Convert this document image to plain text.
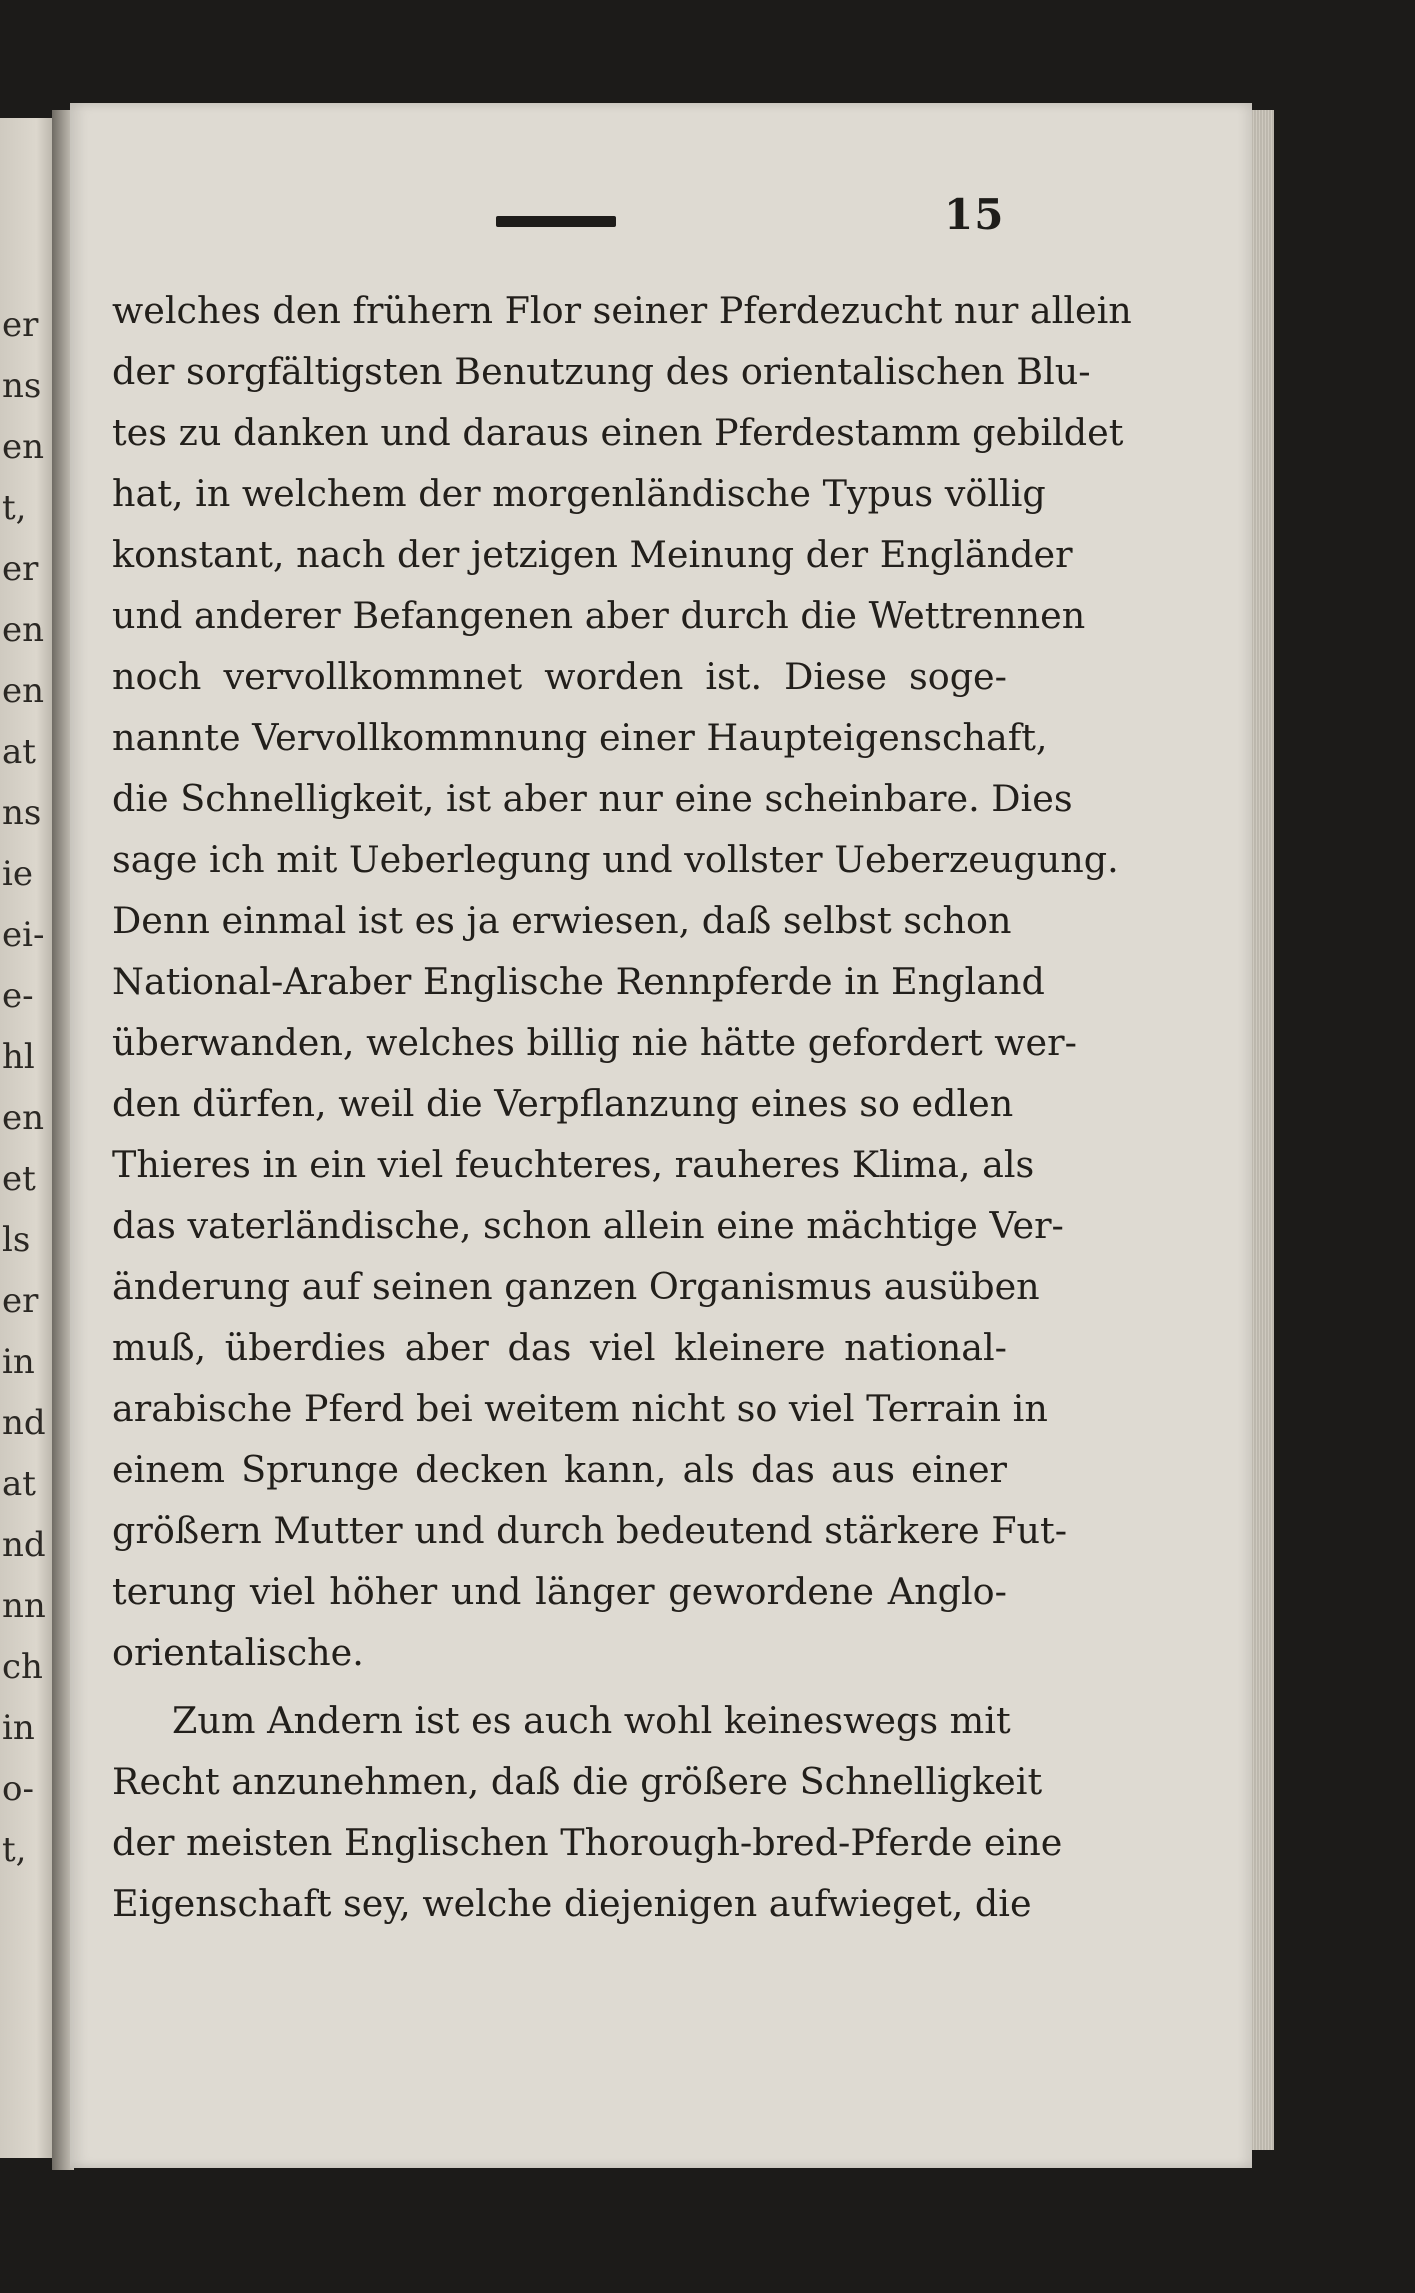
er
ns
en
t,
er
en
en
at
ns
ie
ei-
e-
hl
en
et
ls
er
in
nd
at
nd
nn
ch
in
o-
t,
15
welches den frühern Flor seiner Pferdezucht nur allein
der sorgfältigsten Benutzung des orientalischen Blu-
tes zu danken und daraus einen Pferdestamm gebildet
hat, in welchem der morgenländische Typus völlig
konstant, nach der jetzigen Meinung der Engländer
und anderer Befangenen aber durch die Wettrennen
noch vervollkommnet worden ist. Diese soge-
nannte Vervollkommnung einer Haupteigenschaft,
die Schnelligkeit, ist aber nur eine scheinbare. Dies
sage ich mit Ueberlegung und vollster Ueberzeugung.
Denn einmal ist es ja erwiesen, daß selbst schon
National-Araber Englische Rennpferde in England
überwanden, welches billig nie hätte gefordert wer-
den dürfen, weil die Verpflanzung eines so edlen
Thieres in ein viel feuchteres, rauheres Klima, als
das vaterländische, schon allein eine mächtige Ver-
änderung auf seinen ganzen Organismus ausüben
muß, überdies aber das viel kleinere national-
arabische Pferd bei weitem nicht so viel Terrain in
einem Sprunge decken kann, als das aus einer
größern Mutter und durch bedeutend stärkere Fut-
terung viel höher und länger gewordene Anglo-
orientalische.
Zum Andern ist es auch wohl keineswegs mit
Recht anzunehmen, daß die größere Schnelligkeit
der meisten Englischen Thorough-bred-Pferde eine
Eigenschaft sey, welche diejenigen aufwieget, die
